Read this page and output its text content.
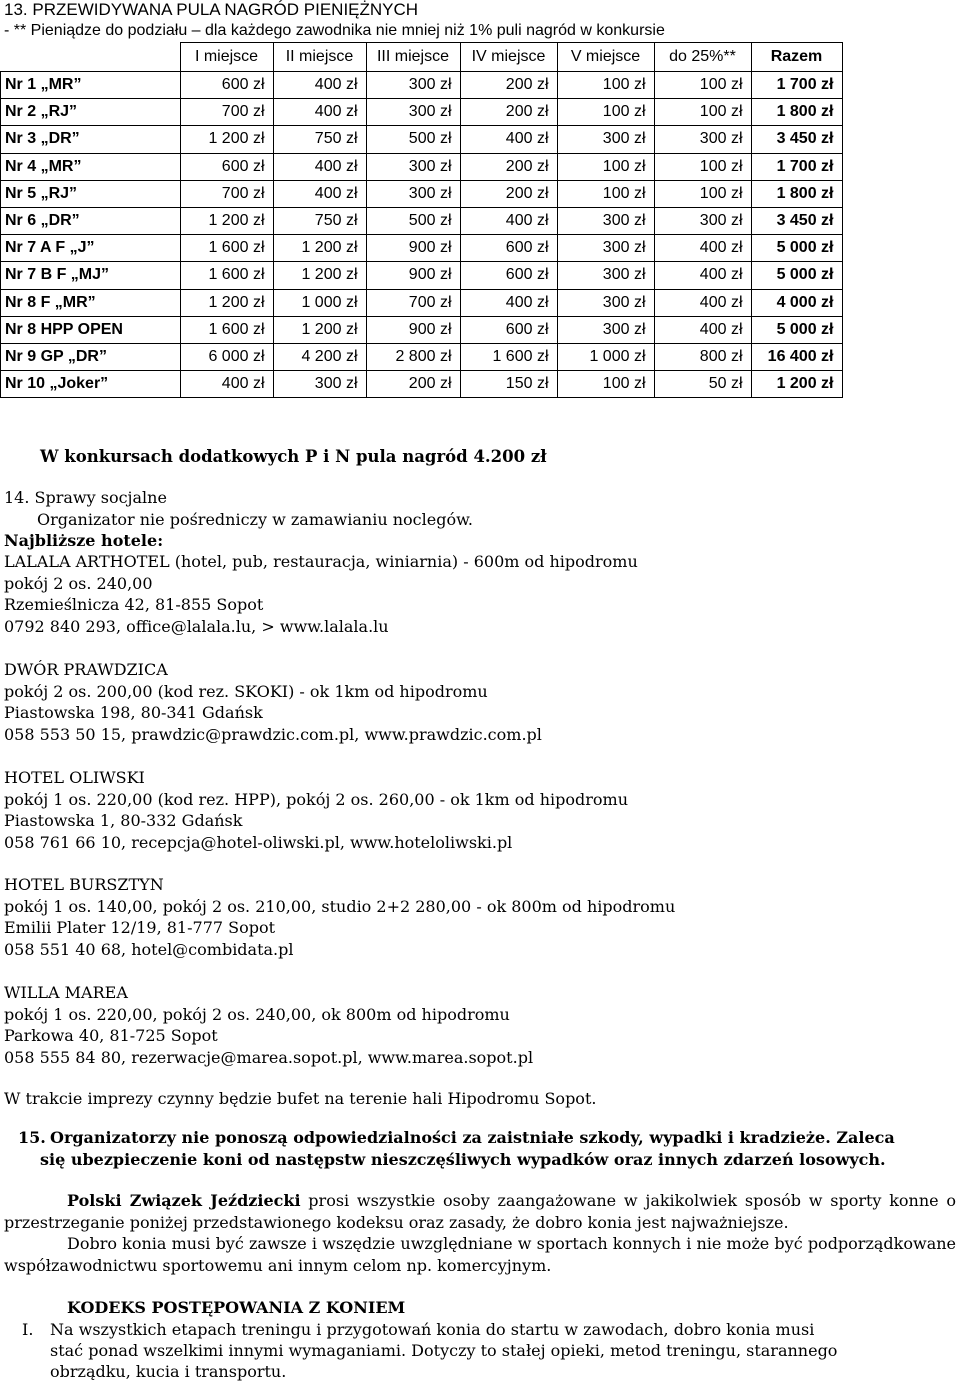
13. PRZEWIDYWANA PULA NAGRÓD PIENIĘŻNYCH
- ** Pieniądze do podziału – dla każdego zawodnika nie mniej niż 1% puli nagród w konkursie
	I miejsce	II miejsce	III miejsce	IV miejsce	V miejsce	do 25%**	Razem
Nr 1 „MR”	600 zł	400 zł	300 zł	200 zł	100 zł	100 zł	1 700 zł
Nr 2 „RJ”	700 zł	400 zł	300 zł	200 zł	100 zł	100 zł	1 800 zł
Nr 3 „DR”	1 200 zł	750 zł	500 zł	400 zł	300 zł	300 zł	3 450 zł
Nr 4 „MR”	600 zł	400 zł	300 zł	200 zł	100 zł	100 zł	1 700 zł
Nr 5 „RJ”	700 zł	400 zł	300 zł	200 zł	100 zł	100 zł	1 800 zł
Nr 6 „DR”	1 200 zł	750 zł	500 zł	400 zł	300 zł	300 zł	3 450 zł
Nr 7 A F „J”	1 600 zł	1 200 zł	900 zł	600 zł	300 zł	400 zł	5 000 zł
Nr 7 B F „MJ”	1 600 zł	1 200 zł	900 zł	600 zł	300 zł	400 zł	5 000 zł
Nr 8 F „MR”	1 200 zł	1 000 zł	700 zł	400 zł	300 zł	400 zł	4 000 zł
Nr 8 HPP OPEN	1 600 zł	1 200 zł	900 zł	600 zł	300 zł	400 zł	5 000 zł
Nr 9 GP „DR”	6 000 zł	4 200 zł	2 800 zł	1 600 zł	1 000 zł	800 zł	16 400 zł
Nr 10 „Joker”	400 zł	300 zł	200 zł	150 zł	100 zł	50 zł	1 200 zł
W konkursach dodatkowych P i N pula nagród 4.200 zł
14. Sprawy socjalne
Organizator nie pośredniczy w zamawianiu noclegów.
Najbliższe hotele:
LALALA ARTHOTEL (hotel, pub, restauracja, winiarnia) - 600m od hipodromu
pokój 2 os. 240,00
Rzemieślnicza 42, 81-855 Sopot
0792 840 293, office@lalala.lu, > www.lalala.lu
DWÓR PRAWDZICA
pokój 2 os. 200,00 (kod rez. SKOKI) - ok 1km od hipodromu
Piastowska 198, 80-341 Gdańsk
058 553 50 15, prawdzic@prawdzic.com.pl, www.prawdzic.com.pl
HOTEL OLIWSKI
pokój 1 os. 220,00 (kod rez. HPP), pokój 2 os. 260,00 - ok 1km od hipodromu
Piastowska 1, 80-332 Gdańsk
058 761 66 10, recepcja@hotel-oliwski.pl, www.hoteloliwski.pl
HOTEL BURSZTYN
pokój 1 os. 140,00, pokój 2 os. 210,00, studio 2+2 280,00 - ok 800m od hipodromu
Emilii Plater 12/19, 81-777 Sopot
058 551 40 68, hotel@combidata.pl
WILLA MAREA
pokój 1 os. 220,00, pokój 2 os. 240,00, ok 800m od hipodromu
Parkowa 40, 81-725 Sopot
058 555 84 80, rezerwacje@marea.sopot.pl, www.marea.sopot.pl
W trakcie imprezy czynny będzie bufet na terenie hali Hipodromu Sopot.
15. Organizatorzy nie ponoszą odpowiedzialności za zaistniałe szkody, wypadki i kradzieże. Zaleca
się ubezpieczenie koni od następstw nieszczęśliwych wypadków oraz innych zdarzeń losowych.
Polski Związek Jeździecki prosi wszystkie osoby zaangażowane w jakikolwiek sposób w sporty konne o przestrzeganie poniżej przedstawionego kodeksu oraz zasady, że dobro konia jest najważniejsze.
Dobro konia musi być zawsze i wszędzie uwzględniane w sportach konnych i nie może być podporządkowane współzawodnictwu sportowemu ani innym celom np. komercyjnym.
KODEKS POSTĘPOWANIA Z KONIEM
I. Na wszystkich etapach treningu i przygotowań konia do startu w zawodach, dobro konia musi
stać ponad wszelkimi innymi wymaganiami. Dotyczy to stałej opieki, metod treningu, starannego
obrządku, kucia i transportu.
